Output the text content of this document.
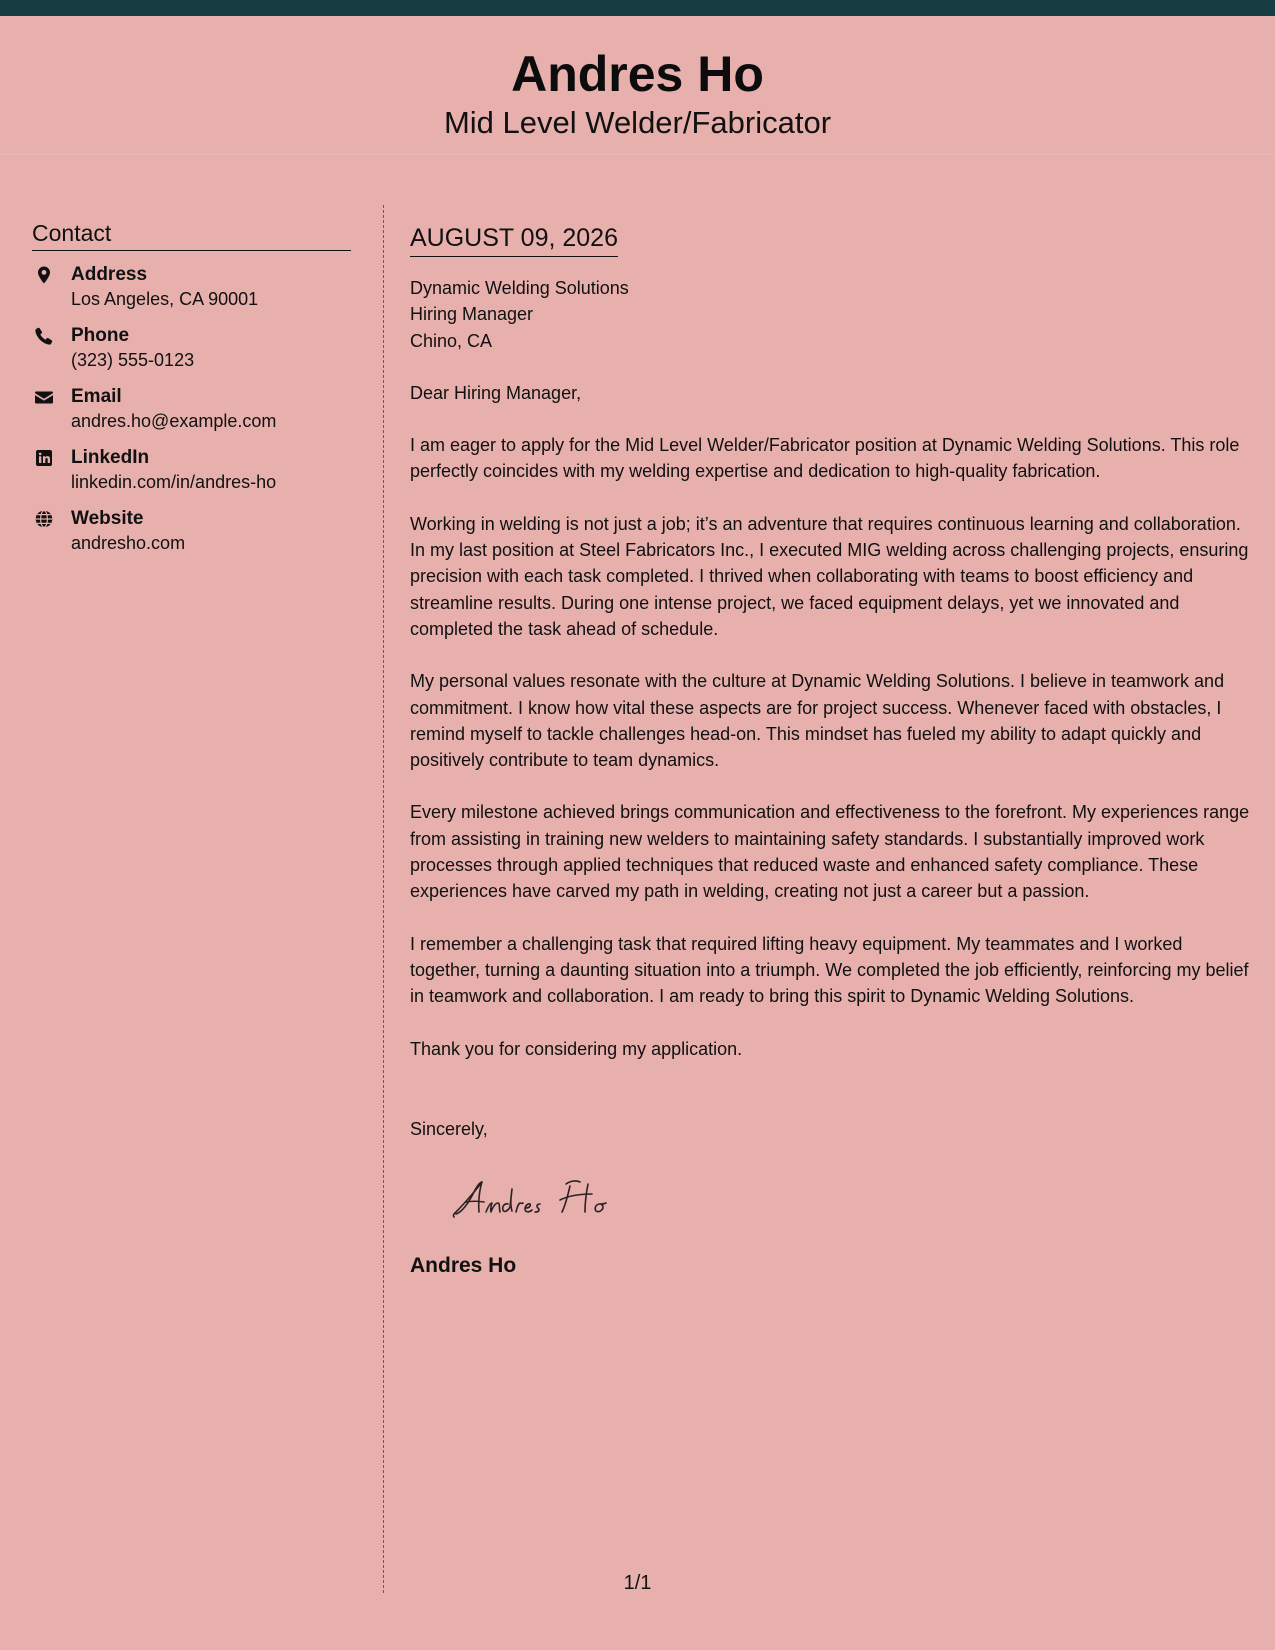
Andres Ho
Mid Level Welder/Fabricator
Contact
Address
Los Angeles, CA 90001
Phone
(323) 555-0123
Email
andres.ho@example.com
LinkedIn
linkedin.com/in/andres-ho
Website
andresho.com
AUGUST 09, 2026

Dynamic Welding Solutions

Hiring Manager

Chino, CA

Dear Hiring Manager,

I am eager to apply for the Mid Level Welder/Fabricator position at Dynamic Welding Solutions. This role perfectly coincides with my welding expertise and dedication to high-quality fabrication.

Working in welding is not just a job; it’s an adventure that requires continuous learning and collaboration. In my last position at Steel Fabricators Inc., I executed MIG welding across challenging projects, ensuring precision with each task completed. I thrived when collaborating with teams to boost efficiency and streamline results. During one intense project, we faced equipment delays, yet we innovated and completed the task ahead of schedule.

My personal values resonate with the culture at Dynamic Welding Solutions. I believe in teamwork and commitment. I know how vital these aspects are for project success. Whenever faced with obstacles, I remind myself to tackle challenges head-on. This mindset has fueled my ability to adapt quickly and positively contribute to team dynamics.

Every milestone achieved brings communication and effectiveness to the forefront. My experiences range from assisting in training new welders to maintaining safety standards. I substantially improved work processes through applied techniques that reduced waste and enhanced safety compliance. These experiences have carved my path in welding, creating not just a career but a passion.

I remember a challenging task that required lifting heavy equipment. My teammates and I worked together, turning a daunting situation into a triumph. We completed the job efficiently, reinforcing my belief in teamwork and collaboration. I am ready to bring this spirit to Dynamic Welding Solutions.

Thank you for considering my application.

Sincerely,

Andres Ho
1/1
